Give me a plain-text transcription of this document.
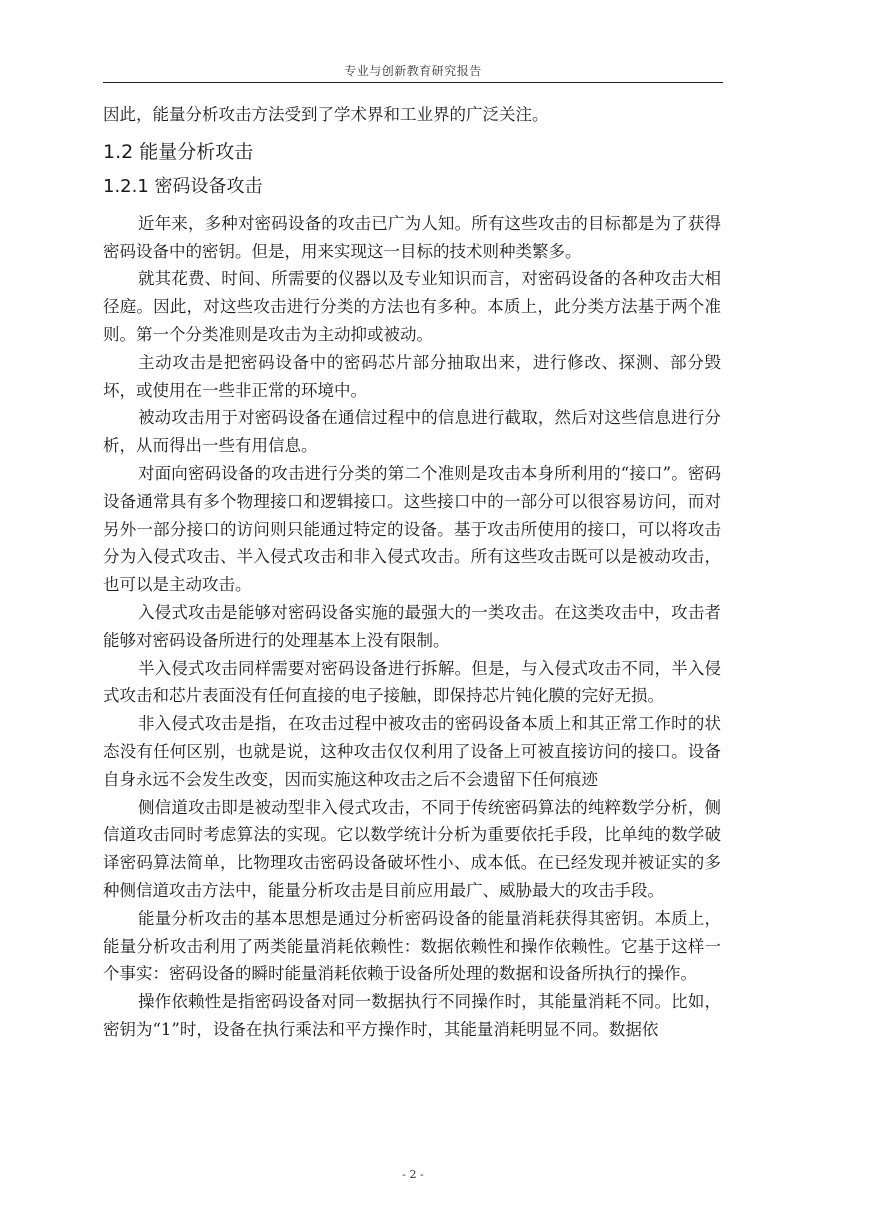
专业与创新教育研究报告

因此，能量分析攻击方法受到了学术界和工业界的广泛关注。

1.2 能量分析攻击
1.2.1 密码设备攻击

近年来，多种对密码设备的攻击已广为人知。所有这些攻击的目标都是为了获得密码设备中的密钥。但是，用来实现这一目标的技术则种类繁多。

就其花费、时间、所需要的仪器以及专业知识而言，对密码设备的各种攻击大相径庭。因此，对这些攻击进行分类的方法也有多种。本质上，此分类方法基于两个准则。第一个分类准则是攻击为主动抑或被动。

主动攻击是把密码设备中的密码芯片部分抽取出来，进行修改、探测、部分毁坏，或使用在一些非正常的环境中。

被动攻击用于对密码设备在通信过程中的信息进行截取，然后对这些信息进行分析，从而得出一些有用信息。

对面向密码设备的攻击进行分类的第二个准则是攻击本身所利用的“接口”。密码设备通常具有多个物理接口和逻辑接口。这些接口中的一部分可以很容易访问，而对另外一部分接口的访问则只能通过特定的设备。基于攻击所使用的接口，可以将攻击分为入侵式攻击、半入侵式攻击和非入侵式攻击。所有这些攻击既可以是被动攻击，也可以是主动攻击。

入侵式攻击是能够对密码设备实施的最强大的一类攻击。在这类攻击中，攻击者能够对密码设备所进行的处理基本上没有限制。

半入侵式攻击同样需要对密码设备进行拆解。但是，与入侵式攻击不同，半入侵式攻击和芯片表面没有任何直接的电子接触，即保持芯片钝化膜的完好无损。

非入侵式攻击是指，在攻击过程中被攻击的密码设备本质上和其正常工作时的状态没有任何区别，也就是说，这种攻击仅仅利用了设备上可被直接访问的接口。设备自身永远不会发生改变，因而实施这种攻击之后不会遗留下任何痕迹

侧信道攻击即是被动型非入侵式攻击，不同于传统密码算法的纯粹数学分析，侧信道攻击同时考虑算法的实现。它以数学统计分析为重要依托手段，比单纯的数学破译密码算法简单，比物理攻击密码设备破坏性小、成本低。在已经发现并被证实的多种侧信道攻击方法中，能量分析攻击是目前应用最广、威胁最大的攻击手段。

能量分析攻击的基本思想是通过分析密码设备的能量消耗获得其密钥。本质上，能量分析攻击利用了两类能量消耗依赖性：数据依赖性和操作依赖性。它基于这样一个事实：密码设备的瞬时能量消耗依赖于设备所处理的数据和设备所执行的操作。

操作依赖性是指密码设备对同一数据执行不同操作时，其能量消耗不同。比如，密钥为“1”时，设备在执行乘法和平方操作时，其能量消耗明显不同。数据依

- 2 -
